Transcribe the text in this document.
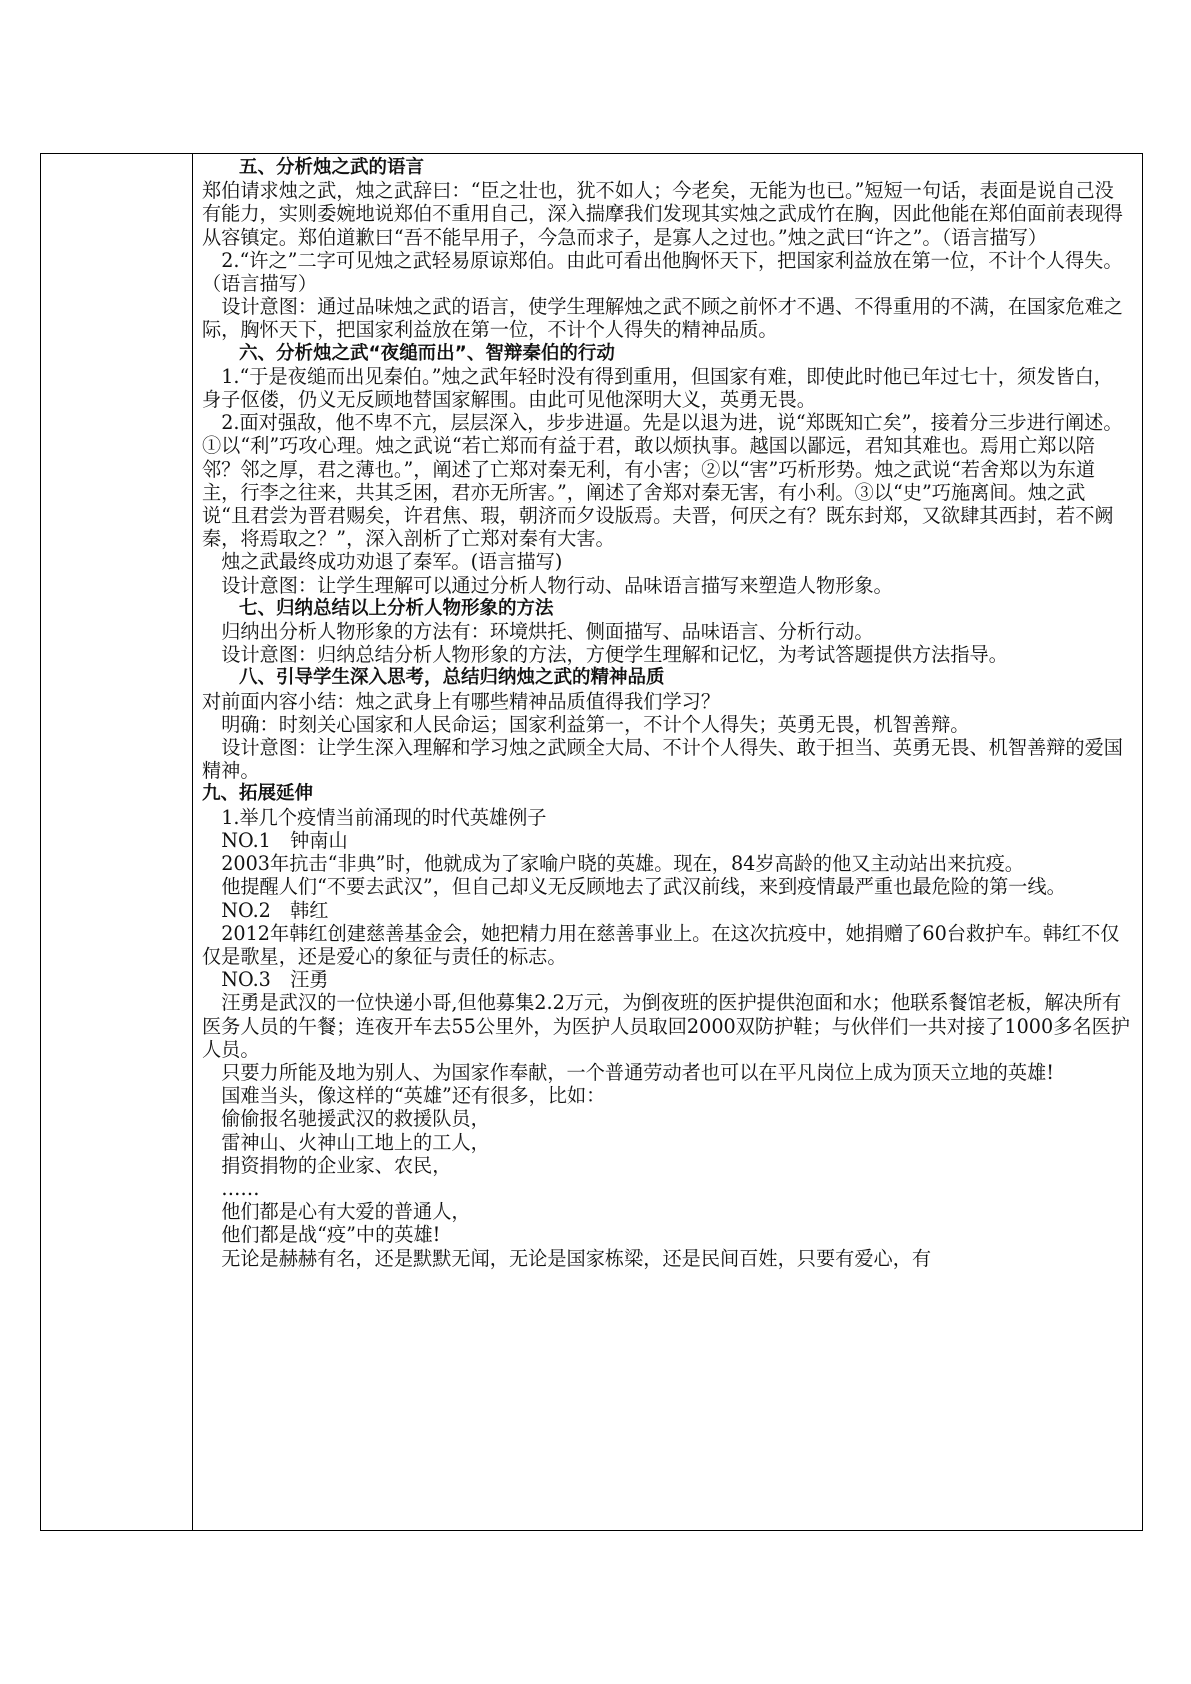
五、分析烛之武的语言
郑伯请求烛之武，烛之武辞曰：“臣之壮也，犹不如人；今老矣，无能为也已。”短短一句话，表面是说自己没有能力，实则委婉地说郑伯不重用自己，深入揣摩我们发现其实烛之武成竹在胸，因此他能在郑伯面前表现得从容镇定。郑伯道歉曰“吾不能早用子，今急而求子，是寡人之过也。”烛之武曰“许之”。（语言描写）
2.“许之”二字可见烛之武轻易原谅郑伯。由此可看出他胸怀天下，把国家利益放在第一位，不计个人得失。（语言描写）
设计意图：通过品味烛之武的语言，使学生理解烛之武不顾之前怀才不遇、不得重用的不满，在国家危难之际，胸怀天下，把国家利益放在第一位，不计个人得失的精神品质。
六、分析烛之武“夜缒而出”、智辩秦伯的行动
1.“于是夜缒而出见秦伯。”烛之武年轻时没有得到重用，但国家有难，即使此时他已年过七十，须发皆白，身子伛偻，仍义无反顾地替国家解围。由此可见他深明大义，英勇无畏。
2.面对强敌，他不卑不亢，层层深入，步步进逼。先是以退为进，说“郑既知亡矣”，接着分三步进行阐述。①以“利”巧攻心理。烛之武说“若亡郑而有益于君，敢以烦执事。越国以鄙远，君知其难也。焉用亡郑以陪邻？邻之厚，君之薄也。”，阐述了亡郑对秦无利，有小害；②以“害”巧析形势。烛之武说“若舍郑以为东道主，行李之往来，共其乏困，君亦无所害。”，阐述了舍郑对秦无害，有小利。③以“史”巧施离间。烛之武说“且君尝为晋君赐矣，许君焦、瑕，朝济而夕设版焉。夫晋，何厌之有？既东封郑，又欲肆其西封，若不阙秦，将焉取之？”，深入剖析了亡郑对秦有大害。
烛之武最终成功劝退了秦军。(语言描写)
设计意图：让学生理解可以通过分析人物行动、品味语言描写来塑造人物形象。
七、归纳总结以上分析人物形象的方法
归纳出分析人物形象的方法有：环境烘托、侧面描写、品味语言、分析行动。
设计意图：归纳总结分析人物形象的方法，方便学生理解和记忆，为考试答题提供方法指导。
八、引导学生深入思考，总结归纳烛之武的精神品质
对前面内容小结：烛之武身上有哪些精神品质值得我们学习？
明确：时刻关心国家和人民命运；国家利益第一，不计个人得失；英勇无畏，机智善辩。
设计意图：让学生深入理解和学习烛之武顾全大局、不计个人得失、敢于担当、英勇无畏、机智善辩的爱国精神。
九、拓展延伸
1.举几个疫情当前涌现的时代英雄例子
NO.1　钟南山
2003年抗击“非典”时，他就成为了家喻户晓的英雄。现在，84岁高龄的他又主动站出来抗疫。
他提醒人们“不要去武汉”，但自己却义无反顾地去了武汉前线，来到疫情最严重也最危险的第一线。
NO.2　韩红
2012年韩红创建慈善基金会，她把精力用在慈善事业上。在这次抗疫中，她捐赠了60台救护车。韩红不仅仅是歌星，还是爱心的象征与责任的标志。
NO.3　汪勇
汪勇是武汉的一位快递小哥,但他募集2.2万元，为倒夜班的医护提供泡面和水；他联系餐馆老板，解决所有医务人员的午餐；连夜开车去55公里外，为医护人员取回2000双防护鞋；与伙伴们一共对接了1000多名医护人员。
只要力所能及地为别人、为国家作奉献，一个普通劳动者也可以在平凡岗位上成为顶天立地的英雄!
国难当头，像这样的“英雄”还有很多，比如：
偷偷报名驰援武汉的救援队员，
雷神山、火神山工地上的工人，
捐资捐物的企业家、农民，
……
他们都是心有大爱的普通人，
他们都是战“疫”中的英雄!
无论是赫赫有名，还是默默无闻，无论是国家栋梁，还是民间百姓，只要有爱心，有
